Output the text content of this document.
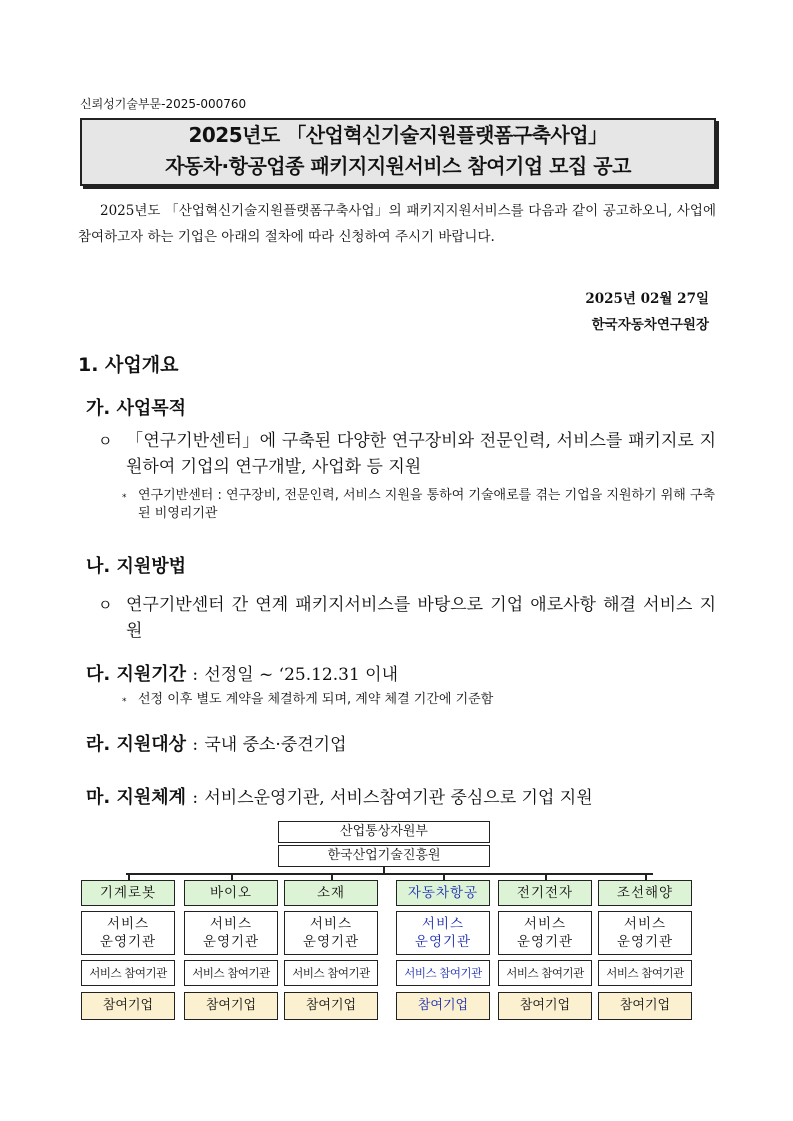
신뢰성기술부문-2025-000760
2025년도 「산업혁신기술지원플랫폼구축사업」
자동차·항공업종 패키지지원서비스 참여기업 모집 공고
2025년도 「산업혁신기술지원플랫폼구축사업」의 패키지지원서비스를 다음과 같이 공고하오니, 사업에 참여하고자 하는 기업은 아래의 절차에 따라 신청하여 주시기 바랍니다.
2025년 02월 27일
한국자동차연구원장
1. 사업개요
가. 사업목적
ㅇ 「연구기반센터」에 구축된 다양한 연구장비와 전문인력, 서비스를 패키지로 지원하여 기업의 연구개발, 사업화 등 지원
* 연구기반센터 : 연구장비, 전문인력, 서비스 지원을 통하여 기술애로를 겪는 기업을 지원하기 위해 구축된 비영리기관
나. 지원방법
ㅇ 연구기반센터 간 연계 패키지서비스를 바탕으로 기업 애로사항 해결 서비스 지원
다. 지원기간 : 선정일 ~ ‘25.12.31 이내
* 선정 이후 별도 계약을 체결하게 되며, 계약 체결 기간에 기준함
라. 지원대상 : 국내 중소·중견기업
마. 지원체계 : 서비스운영기관, 서비스참여기관 중심으로 기업 지원
산업통상자원부
한국산업기술진흥원
기계로봇
서비스
운영기관
서비스 참여기관
참여기업
바이오
서비스
운영기관
서비스 참여기관
참여기업
소재
서비스
운영기관
서비스 참여기관
참여기업
자동차항공
서비스
운영기관
서비스 참여기관
참여기업
전기전자
서비스
운영기관
서비스 참여기관
참여기업
조선해양
서비스
운영기관
서비스 참여기관
참여기업
